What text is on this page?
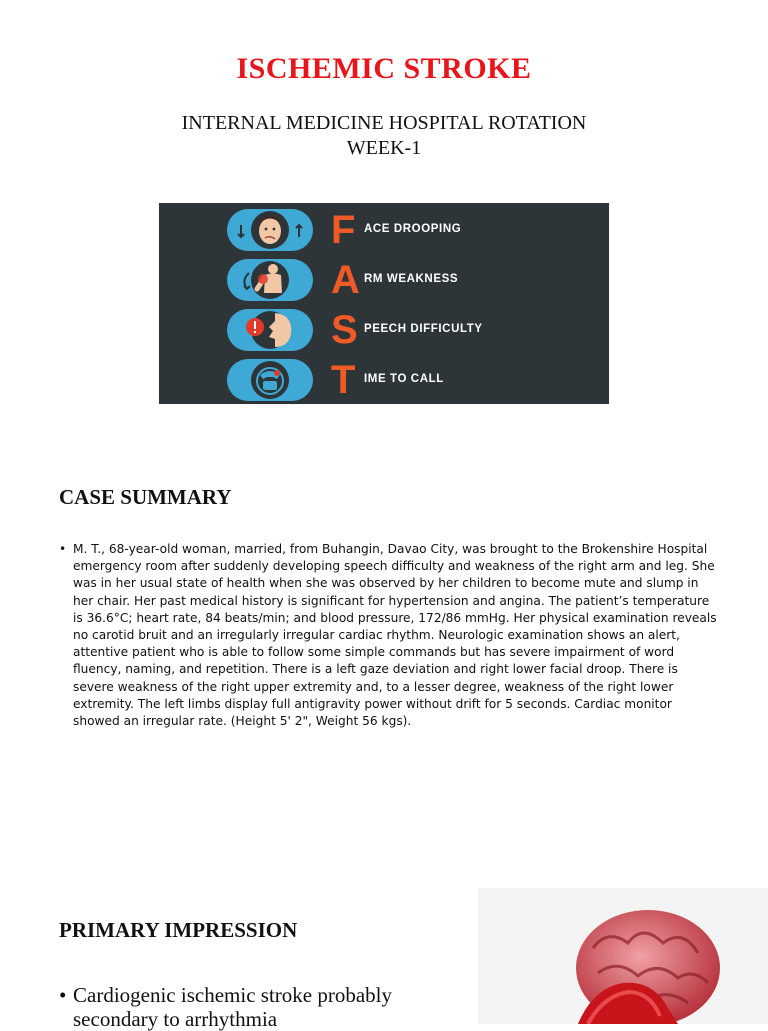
ISCHEMIC STROKE
INTERNAL MEDICINE HOSPITAL ROTATION
WEEK-1
F ACE DROOPING
A RM WEAKNESS
S PEECH DIFFICULTY
T IME TO CALL
CASE SUMMARY
• M. T., 68-year-old woman, married, from Buhangin, Davao City, was brought to the Brokenshire Hospital emergency room after suddenly developing speech difficulty and weakness of the right arm and leg. She was in her usual state of health when she was observed by her children to become mute and slump in her chair. Her past medical history is significant for hypertension and angina. The patient’s temperature is 36.6°C; heart rate, 84 beats/min; and blood pressure, 172/86 mmHg. Her physical examination reveals no carotid bruit and an irregularly irregular cardiac rhythm. Neurologic examination shows an alert, attentive patient who is able to follow some simple commands but has severe impairment of word fluency, naming, and repetition. There is a left gaze deviation and right lower facial droop. There is severe weakness of the right upper extremity and, to a lesser degree, weakness of the right lower extremity. The left limbs display full antigravity power without drift for 5 seconds. Cardiac monitor showed an irregular rate. (Height 5' 2", Weight 56 kgs).
PRIMARY IMPRESSION
• Cardiogenic ischemic stroke probably secondary to arrhythmia
